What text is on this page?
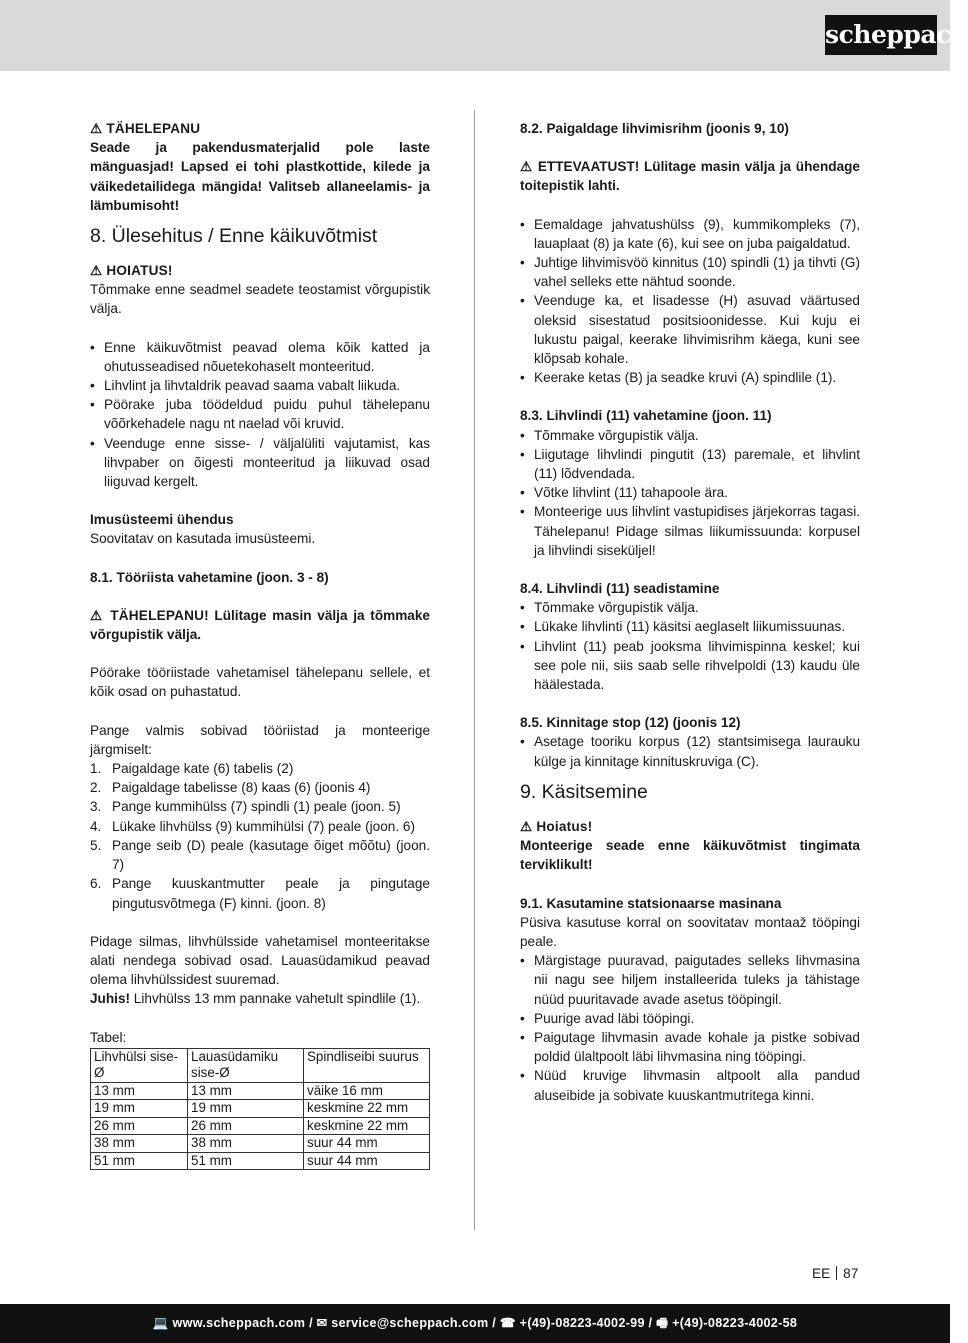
scheppach
⚠ TÄHELEPANU
Seade ja pakendusmaterjalid pole laste mänguasjad! Lapsed ei tohi plastkottide, kilede ja väikedetailidega mängida! Valitseb allaneelamis- ja lämbumisoht!
8. Ülesehitus / Enne käikuvõtmist
⚠ HOIATUS!
Tõmmake enne seadmel seadete teostamist võrgupistik välja.
• Enne käikuvõtmist peavad olema kõik katted ja ohutusseadised nõuetekohaselt monteeritud.
• Lihvlint ja lihvtaldrik peavad saama vabalt liikuda.
• Pöörake juba töödeldud puidu puhul tähelepanu võõrkehadele nagu nt naelad või kruvid.
• Veenduge enne sisse- / väljalüliti vajutamist, kas lihvpaber on õigesti monteeritud ja liikuvad osad liiguvad kergelt.
Imusüsteemi ühendus
Soovitatav on kasutada imusüsteemi.
8.1. Tööriista vahetamine (joon. 3 - 8)
⚠ TÄHELEPANU! Lülitage masin välja ja tõmmake võrgupistik välja.
Pöörake tööriistade vahetamisel tähelepanu sellele, et kõik osad on puhastatud.
Pange valmis sobivad tööriistad ja monteerige järgmiselt:
1. Paigaldage kate (6) tabelis (2)
2. Paigaldage tabelisse (8) kaas (6) (joonis 4)
3. Pange kummihülss (7) spindli (1) peale (joon. 5)
4. Lükake lihvhülss (9) kummihülsi (7) peale (joon. 6)
5. Pange seib (D) peale (kasutage õiget mõõtu) (joon. 7)
6. Pange kuuskantmutter peale ja pingutage pingutusvõtmega (F) kinni. (joon. 8)
Pidage silmas, lihvhülsside vahetamisel monteeritakse alati nendega sobivad osad. Lauasüdamikud peavad olema lihvhülssidest suuremad.
Juhis! Lihvhülss 13 mm pannake vahetult spindlile (1).
Tabel:
Lihvhülsi sise-Ø	Lauasüdamiku sise-Ø	Spindliseibi suurus
13 mm	13 mm	väike 16 mm
19 mm	19 mm	keskmine 22 mm
26 mm	26 mm	keskmine 22 mm
38 mm	38 mm	suur 44 mm
51 mm	51 mm	suur 44 mm
8.2. Paigaldage lihvimisrihm (joonis 9, 10)
⚠ ETTEVAATUST! Lülitage masin välja ja ühendage toitepistik lahti.
• Eemaldage jahvatushülss (9), kummikompleks (7), lauaplaat (8) ja kate (6), kui see on juba paigaldatud.
• Juhtige lihvimisvöö kinnitus (10) spindli (1) ja tihvti (G) vahel selleks ette nähtud soonde.
• Veenduge ka, et lisadesse (H) asuvad väärtused oleksid sisestatud positsioonidesse. Kui kuju ei lukustu paigal, keerake lihvimisrihm käega, kuni see klõpsab kohale.
• Keerake ketas (B) ja seadke kruvi (A) spindlile (1).
8.3. Lihvlindi (11) vahetamine (joon. 11)
• Tõmmake võrgupistik välja.
• Liigutage lihvlindi pingutit (13) paremale, et lihvlint (11) lõdvendada.
• Võtke lihvlint (11) tahapoole ära.
• Monteerige uus lihvlint vastupidises järjekorras tagasi. Tähelepanu! Pidage silmas liikumissuunda: korpusel ja lihvlindi siseküljel!
8.4. Lihvlindi (11) seadistamine
• Tõmmake võrgupistik välja.
• Lükake lihvlinti (11) käsitsi aeglaselt liikumissuunas.
• Lihvlint (11) peab jooksma lihvimispinna keskel; kui see pole nii, siis saab selle rihvelpoldi (13) kaudu üle häälestada.
8.5. Kinnitage stop (12) (joonis 12)
• Asetage tooriku korpus (12) stantsimisega laurauku külge ja kinnitage kinnituskruviga (C).
9. Käsitsemine
⚠ Hoiatus!
Monteerige seade enne käikuvõtmist tingimata terviklikult!
9.1. Kasutamine statsionaarse masinana
Püsiva kasutuse korral on soovitatav montaaž tööpingi peale.
• Märgistage puuravad, paigutades selleks lihvmasina nii nagu see hiljem installeerida tuleks ja tähistage nüüd puuritavade avade asetus tööpingil.
• Puurige avad läbi tööpingi.
• Paigutage lihvmasin avade kohale ja pistke sobivad poldid ülaltpoolt läbi lihvmasina ning tööpingi.
• Nüüd kruvige lihvmasin altpoolt alla pandud aluseibide ja sobivate kuuskantmutritega kinni.
EE 87
💻 www.scheppach.com / ✉ service@scheppach.com / ☎ +(49)-08223-4002-99 / 🖷 +(49)-08223-4002-58
